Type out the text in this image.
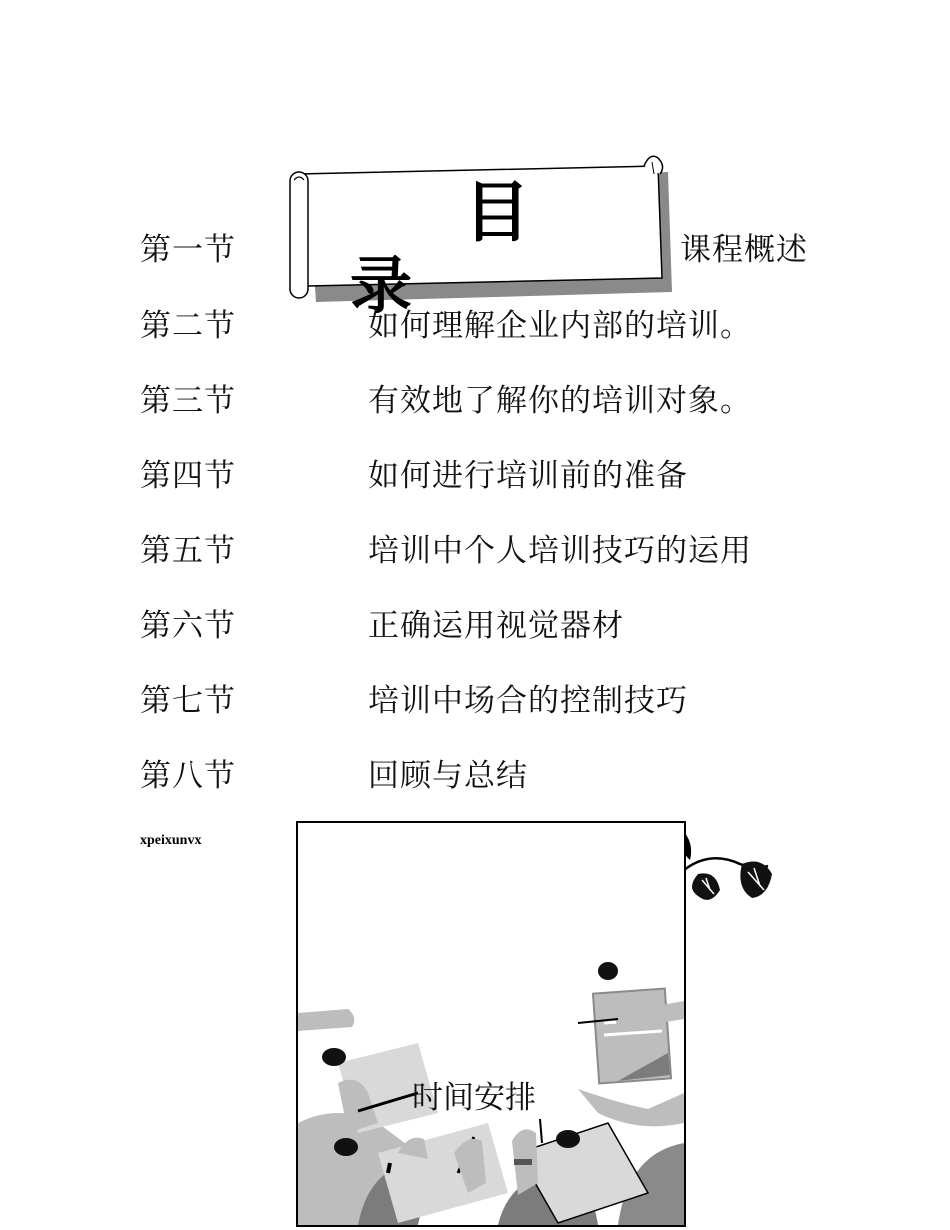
目
录
第一节	课程概述
第二节	如何理解企业内部的培训。
第三节	有效地了解你的培训对象。
第四节	如何进行培训前的准备
第五节	培训中个人培训技巧的运用
第六节	正确运用视觉器材
第七节	培训中场合的控制技巧
第八节	回顾与总结
xpeixunvx
时间安排
